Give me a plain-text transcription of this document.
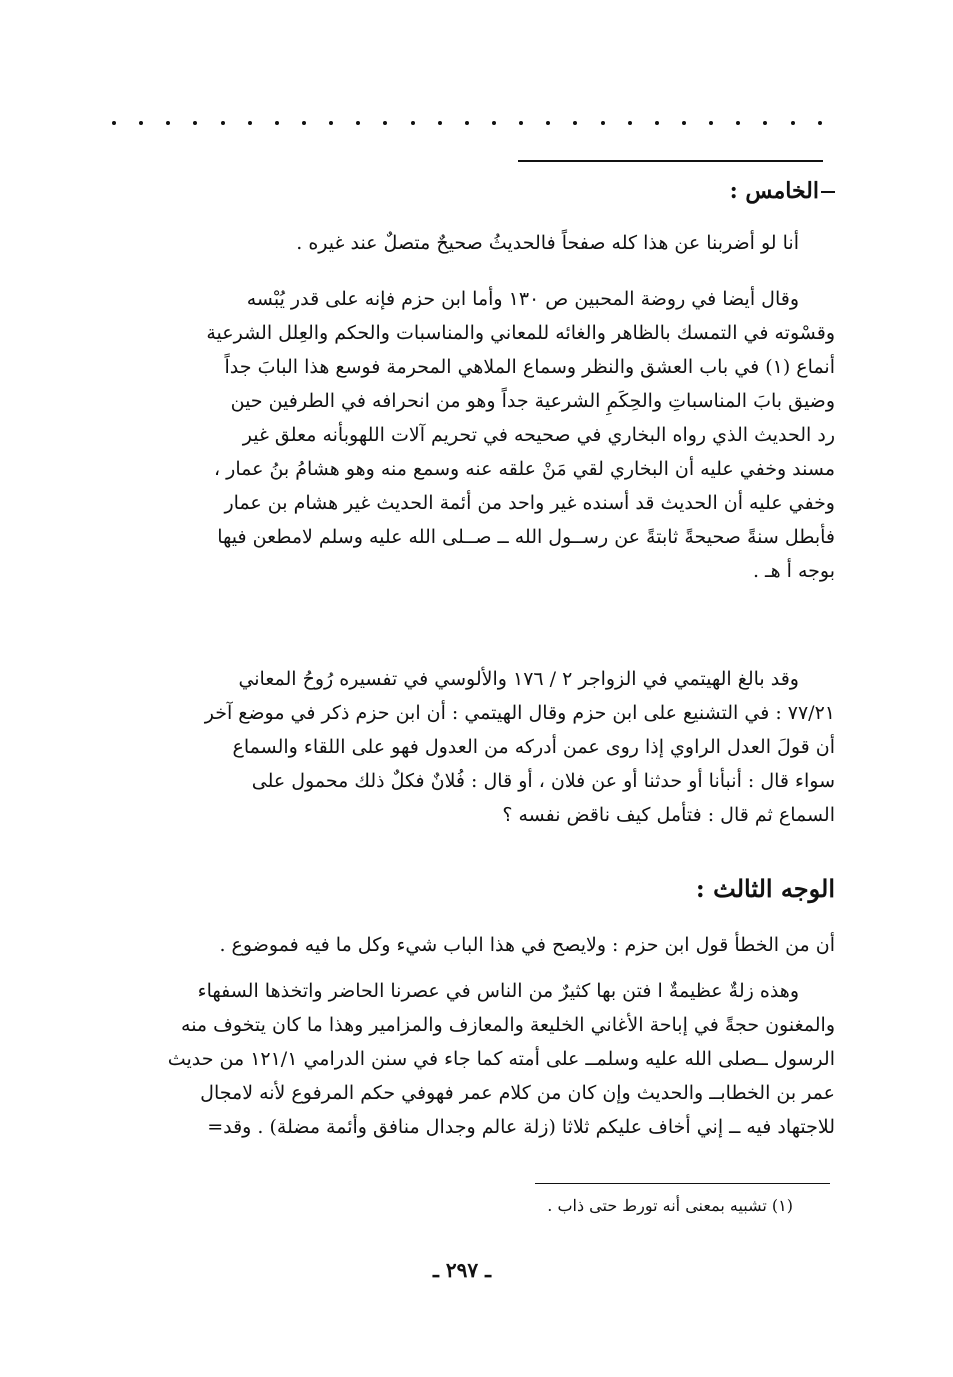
الخامس :
أنا لو أضربنا عن هذا كله صفحاً فالحديثُ صحيحٌ متصلٌ عند غيره .
وقال أيضا في روضة المحبين ص ١٣٠ وأما ابن حزم فإنه على قدر يُبْسه
وقسْوته في التمسك بالظاهر والغائه للمعاني والمناسبات والحكم والعِلل الشرعية
أنماع (١) في باب العشق والنظر وسماع الملاهي المحرمة فوسع هذا البابَ جداً
وضيق بابَ المناسباتِ والحِكَمِ الشرعية جداً وهو من انحرافه في الطرفين حين
رد الحديث الذي رواه البخاري في صحيحه في تحريم آلات اللهوبأنه معلق غير
مسند وخفي عليه أن البخاري لقي مَنْ علقه عنه وسمع منه وهو هشامُ بنُ عمار ،
وخفي عليه أن الحديث قد أسنده غير واحد من أئمة الحديث غير هشام بن عمار
فأبطل سنةً صحيحةً ثابتةً عن رســول الله ــ صــلى الله عليه وسلم لامطعن فيها
بوجه أ هـ .
وقد بالغ الهيتمي في الزواجر ٢ / ١٧٦ والألوسي في تفسيره رُوحُ المعاني
٧٧/٢١ : في التشنيع على ابن حزم وقال الهيتمي : أن ابن حزم ذكر في موضع آخر
أن قولَ العدل الراوي إذا روى عمن أدركه من العدول فهو على اللقاء والسماع
سواء قال : أنبأنا أو حدثنا أو عن فلان ، أو قال : فُلانٌ فكلٌ ذلك محمول على
السماع ثم قال : فتأمل كيف ناقض نفسه ؟
الوجه الثالث :
أن من الخطأ قول ابن حزم : ولايصح في هذا الباب شيء وكل ما فيه فموضوع .
وهذه زلةٌ عظيمةٌ ا فتن بها كثيرٌ من الناس في عصرنا الحاضر واتخذها السفهاء
والمغنون حجةً في إباحة الأغاني الخليعة والمعازف والمزامير وهذا ما كان يتخوف منه
الرسول ــصلى الله عليه وسلمــ على أمته كما جاء في سنن الدرامي ١٢١/١ من حديث
عمر بن الخطابــ والحديث وإن كان من كلام عمر فهوفي حكم المرفوع لأنه لامجال
للاجتهاد فيه ــ إني أخاف عليكم ثلاثا (زلة عالم وجدال منافق وأئمة مضلة) . وقد=
(١) تشبيه بمعنى أنه تورط حتى ذاب .
ـ ٢٩٧ ـ
